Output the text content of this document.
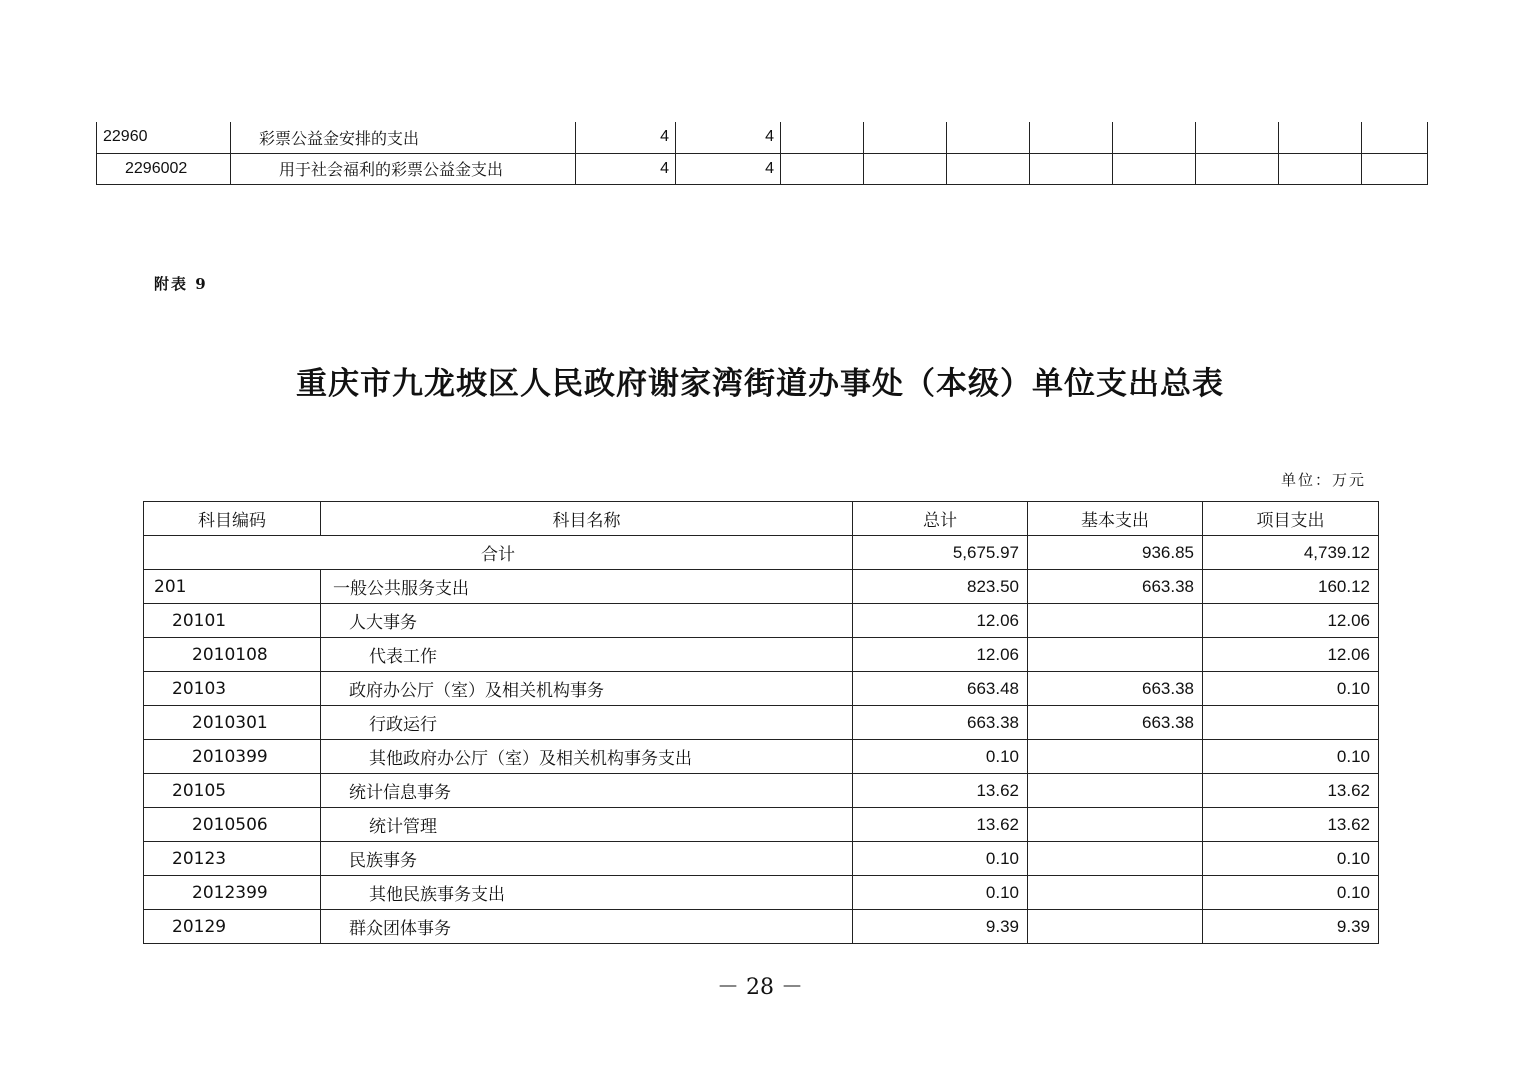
22960	彩票公益金安排的支出	4	4								
2296002	用于社会福利的彩票公益金支出	4	4								
附表 9
重庆市九龙坡区人民政府谢家湾街道办事处（本级）单位支出总表
单位：万元
科目编码	科目名称	总计	基本支出	项目支出
合计		5,675.97	936.85	4,739.12
201	一般公共服务支出	823.50	663.38	160.12
20101	人大事务	12.06		12.06
2010108	代表工作	12.06		12.06
20103	政府办公厅（室）及相关机构事务	663.48	663.38	0.10
2010301	行政运行	663.38	663.38	
2010399	其他政府办公厅（室）及相关机构事务支出	0.10		0.10
20105	统计信息事务	13.62		13.62
2010506	统计管理	13.62		13.62
20123	民族事务	0.10		0.10
2012399	其他民族事务支出	0.10		0.10
20129	群众团体事务	9.39		9.39
－ 28 －
